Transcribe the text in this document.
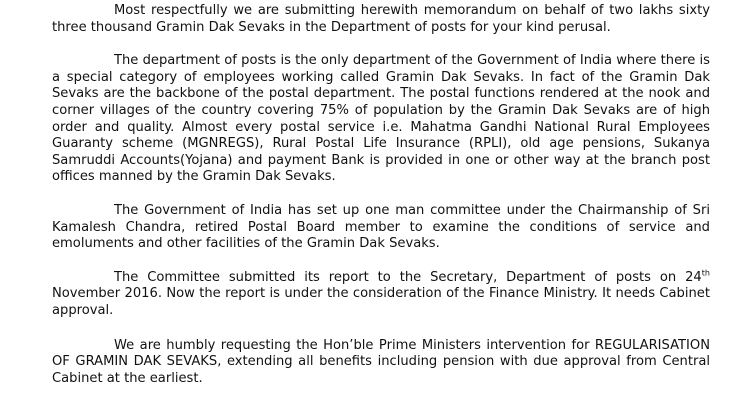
Most respectfully we are submitting herewith memorandum on behalf of two lakhs sixty three thousand Gramin Dak Sevaks in the Department of posts for your kind perusal.

The department of posts is the only department of the Government of India where there is a special category of employees working called Gramin Dak Sevaks. In fact of the Gramin Dak Sevaks are the backbone of the postal department. The postal functions rendered at the nook and corner villages of the country covering 75% of population by the Gramin Dak Sevaks are of high order and quality. Almost every postal service i.e. Mahatma Gandhi National Rural Employees Guaranty scheme (MGNREGS), Rural Postal Life Insurance (RPLI), old age pensions, Sukanya Samruddi Accounts(Yojana) and payment Bank is provided in one or other way at the branch post offices manned by the Gramin Dak Sevaks.

The Government of India has set up one man committee under the Chairmanship of Sri Kamalesh Chandra, retired Postal Board member to examine the conditions of service and emoluments and other facilities of the Gramin Dak Sevaks.

The Committee submitted its report to the Secretary, Department of posts on 24th November 2016. Now the report is under the consideration of the Finance Ministry. It needs Cabinet approval.

We are humbly requesting the Hon’ble Prime Ministers intervention for REGULARISATION OF GRAMIN DAK SEVAKS, extending all benefits including pension with due approval from Central Cabinet at the earliest.
